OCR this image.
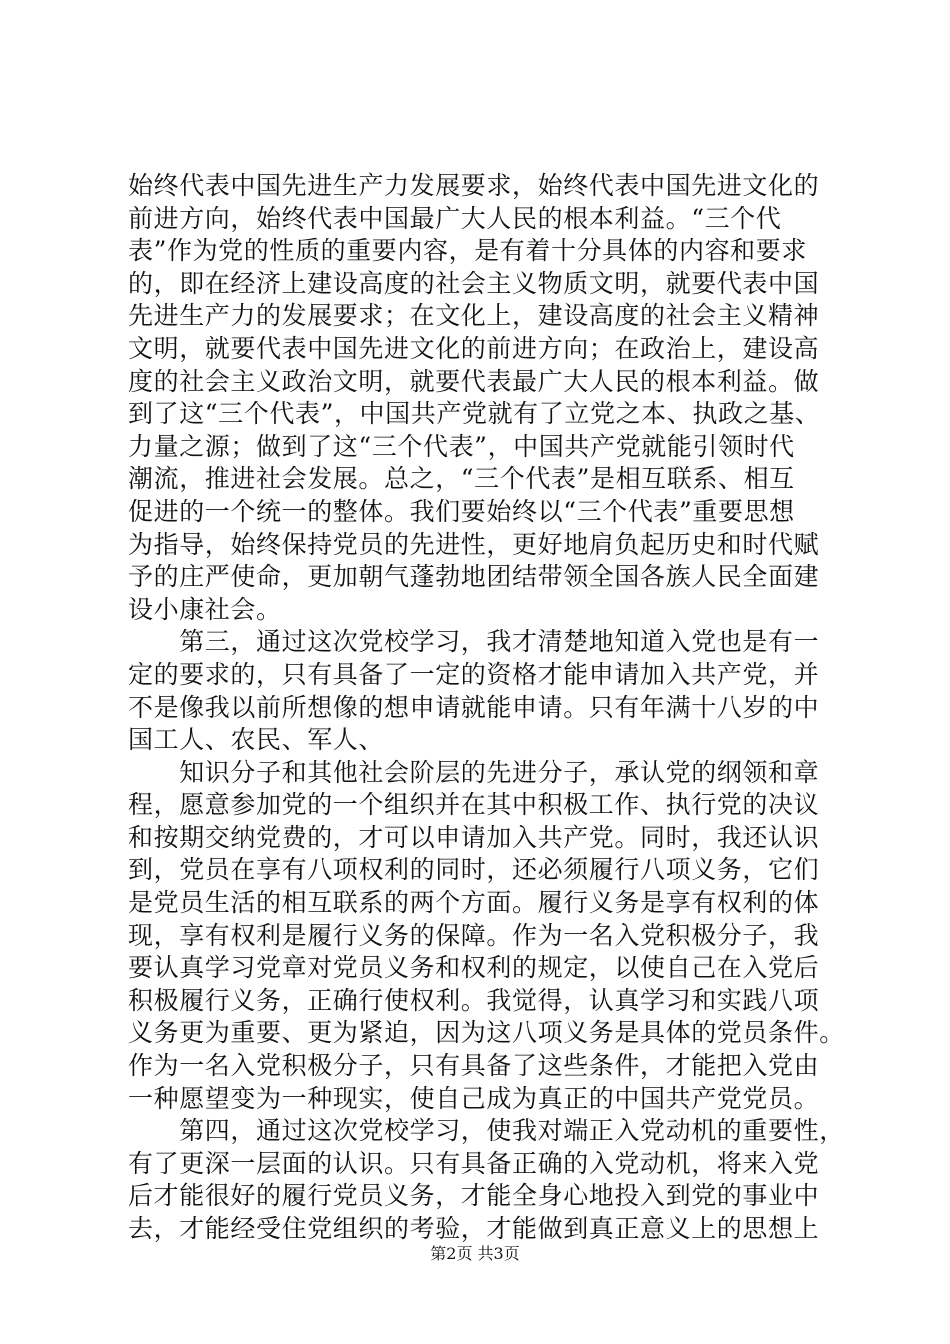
始终代表中国先进生产力发展要求，始终代表中国先进文化的
前进方向，始终代表中国最广大人民的根本利益。“三个代
表”作为党的性质的重要内容，是有着十分具体的内容和要求
的，即在经济上建设高度的社会主义物质文明，就要代表中国
先进生产力的发展要求；在文化上，建设高度的社会主义精神
文明，就要代表中国先进文化的前进方向；在政治上，建设高
度的社会主义政治文明，就要代表最广大人民的根本利益。做
到了这“三个代表”，中国共产党就有了立党之本、执政之基、
力量之源；做到了这“三个代表”，中国共产党就能引领时代
潮流，推进社会发展。总之，“三个代表”是相互联系、相互
促进的一个统一的整体。我们要始终以“三个代表”重要思想
为指导，始终保持党员的先进性，更好地肩负起历史和时代赋
予的庄严使命，更加朝气蓬勃地团结带领全国各族人民全面建
设小康社会。
　　第三，通过这次党校学习，我才清楚地知道入党也是有一
定的要求的，只有具备了一定的资格才能申请加入共产党，并
不是像我以前所想像的想申请就能申请。只有年满十八岁的中
国工人、农民、军人、
　　知识分子和其他社会阶层的先进分子，承认党的纲领和章
程，愿意参加党的一个组织并在其中积极工作、执行党的决议
和按期交纳党费的，才可以申请加入共产党。同时，我还认识
到，党员在享有八项权利的同时，还必须履行八项义务，它们
是党员生活的相互联系的两个方面。履行义务是享有权利的体
现，享有权利是履行义务的保障。作为一名入党积极分子，我
要认真学习党章对党员义务和权利的规定，以使自己在入党后
积极履行义务，正确行使权利。我觉得，认真学习和实践八项
义务更为重要、更为紧迫，因为这八项义务是具体的党员条件。
作为一名入党积极分子，只有具备了这些条件，才能把入党由
一种愿望变为一种现实，使自己成为真正的中国共产党党员。
　　第四，通过这次党校学习，使我对端正入党动机的重要性，
有了更深一层面的认识。只有具备正确的入党动机，将来入党
后才能很好的履行党员义务，才能全身心地投入到党的事业中
去，才能经受住党组织的考验，才能做到真正意义上的思想上
第2页 共3页
